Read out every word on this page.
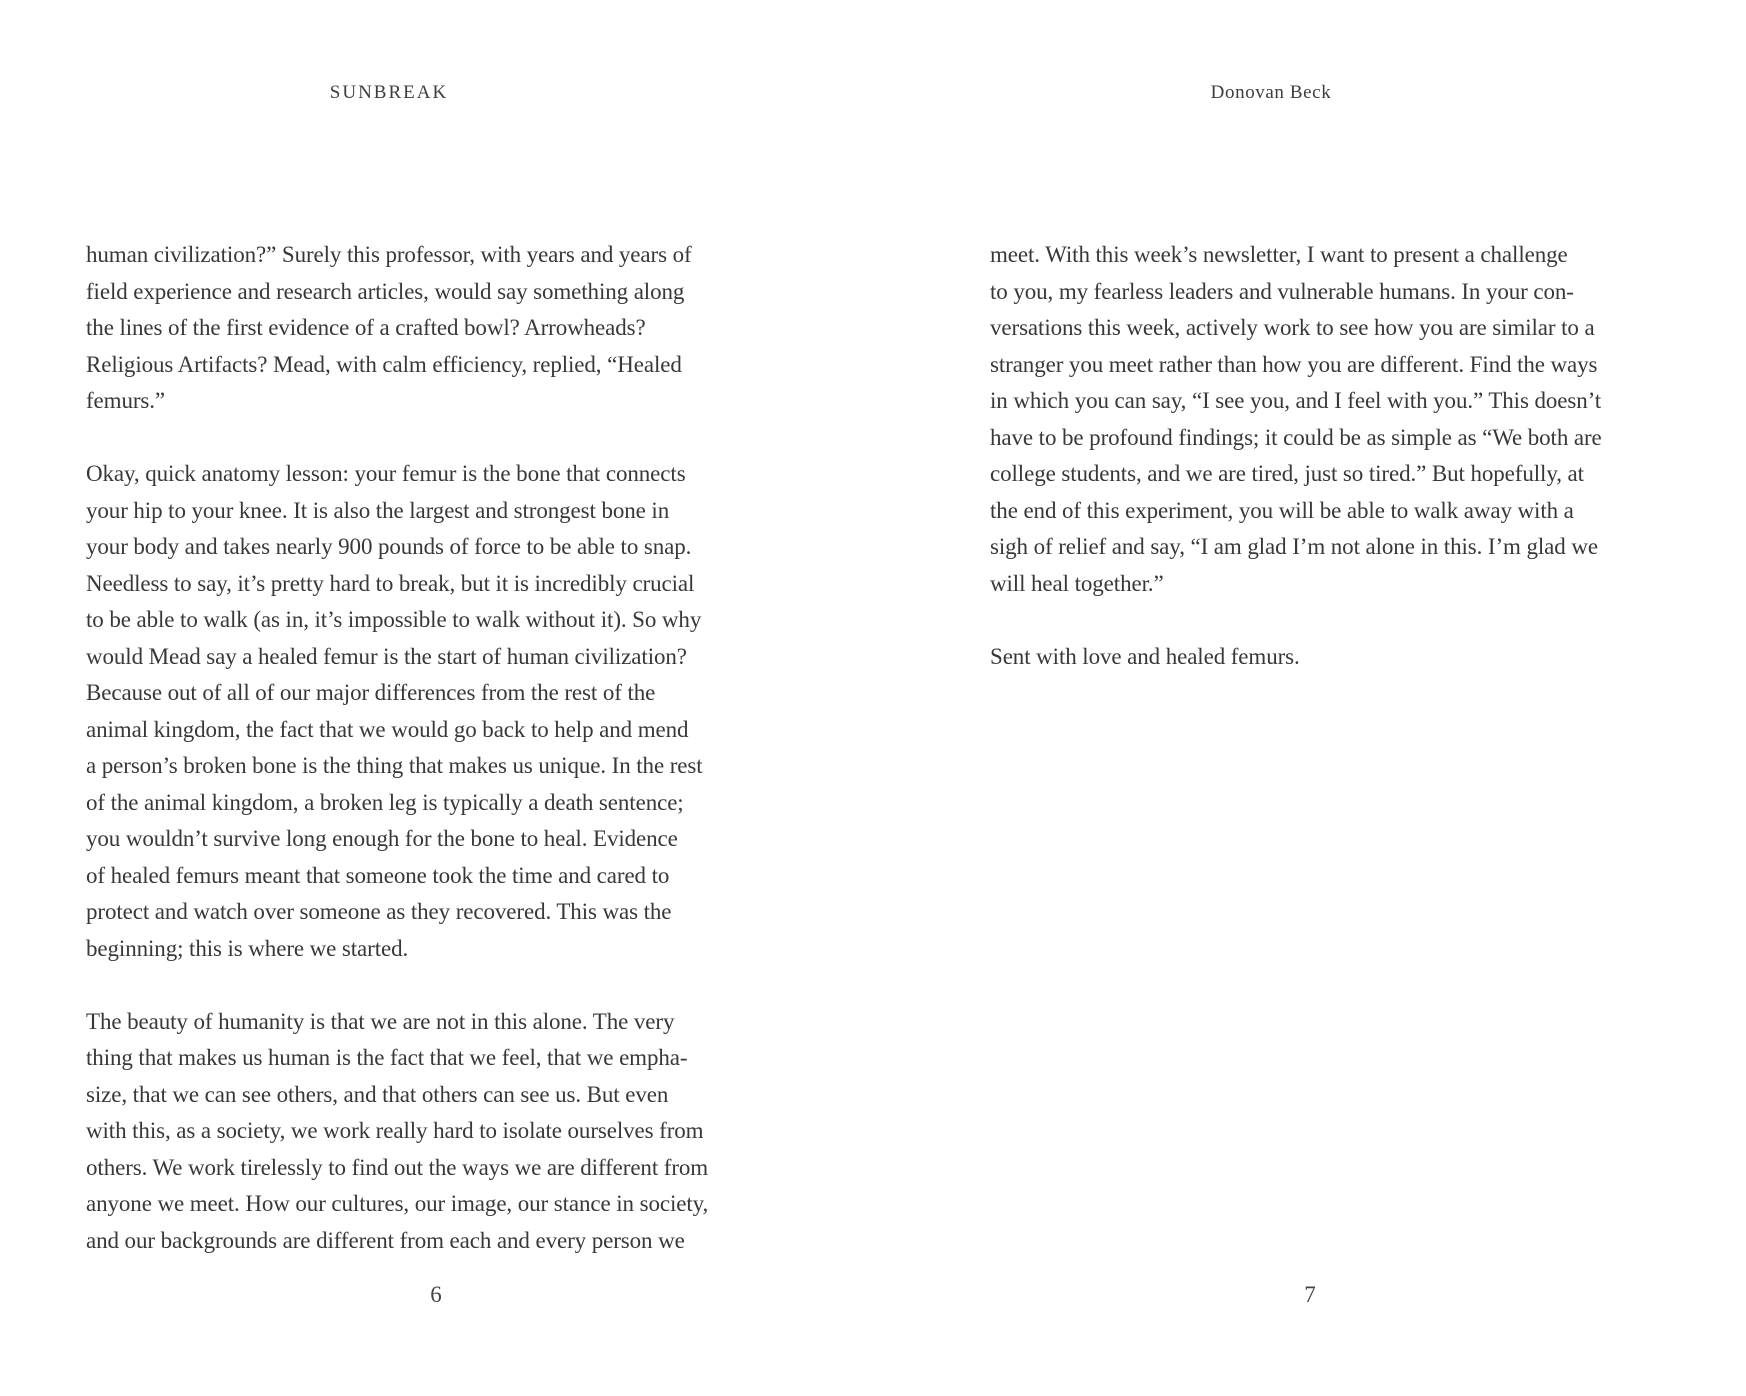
SUNBREAK	Donovan Beck

human civilization?” Surely this professor, with years and years of
field experience and research articles, would say something along
the lines of the first evidence of a crafted bowl? Arrowheads?
Religious Artifacts? Mead, with calm efficiency, replied, “Healed
femurs.”

Okay, quick anatomy lesson: your femur is the bone that connects
your hip to your knee. It is also the largest and strongest bone in
your body and takes nearly 900 pounds of force to be able to snap.
Needless to say, it’s pretty hard to break, but it is incredibly crucial
to be able to walk (as in, it’s impossible to walk without it). So why
would Mead say a healed femur is the start of human civilization?
Because out of all of our major differences from the rest of the
animal kingdom, the fact that we would go back to help and mend
a person’s broken bone is the thing that makes us unique. In the rest
of the animal kingdom, a broken leg is typically a death sentence;
you wouldn’t survive long enough for the bone to heal. Evidence
of healed femurs meant that someone took the time and cared to
protect and watch over someone as they recovered. This was the
beginning; this is where we started.

The beauty of humanity is that we are not in this alone. The very
thing that makes us human is the fact that we feel, that we empha-
size, that we can see others, and that others can see us. But even
with this, as a society, we work really hard to isolate ourselves from
others. We work tirelessly to find out the ways we are different from
anyone we meet. How our cultures, our image, our stance in society,
and our backgrounds are different from each and every person we

meet. With this week’s newsletter, I want to present a challenge
to you, my fearless leaders and vulnerable humans. In your con-
versations this week, actively work to see how you are similar to a
stranger you meet rather than how you are different. Find the ways
in which you can say, “I see you, and I feel with you.” This doesn’t
have to be profound findings; it could be as simple as “We both are
college students, and we are tired, just so tired.” But hopefully, at
the end of this experiment, you will be able to walk away with a
sigh of relief and say, “I am glad I’m not alone in this. I’m glad we
will heal together.”

Sent with love and healed femurs.

6	7
